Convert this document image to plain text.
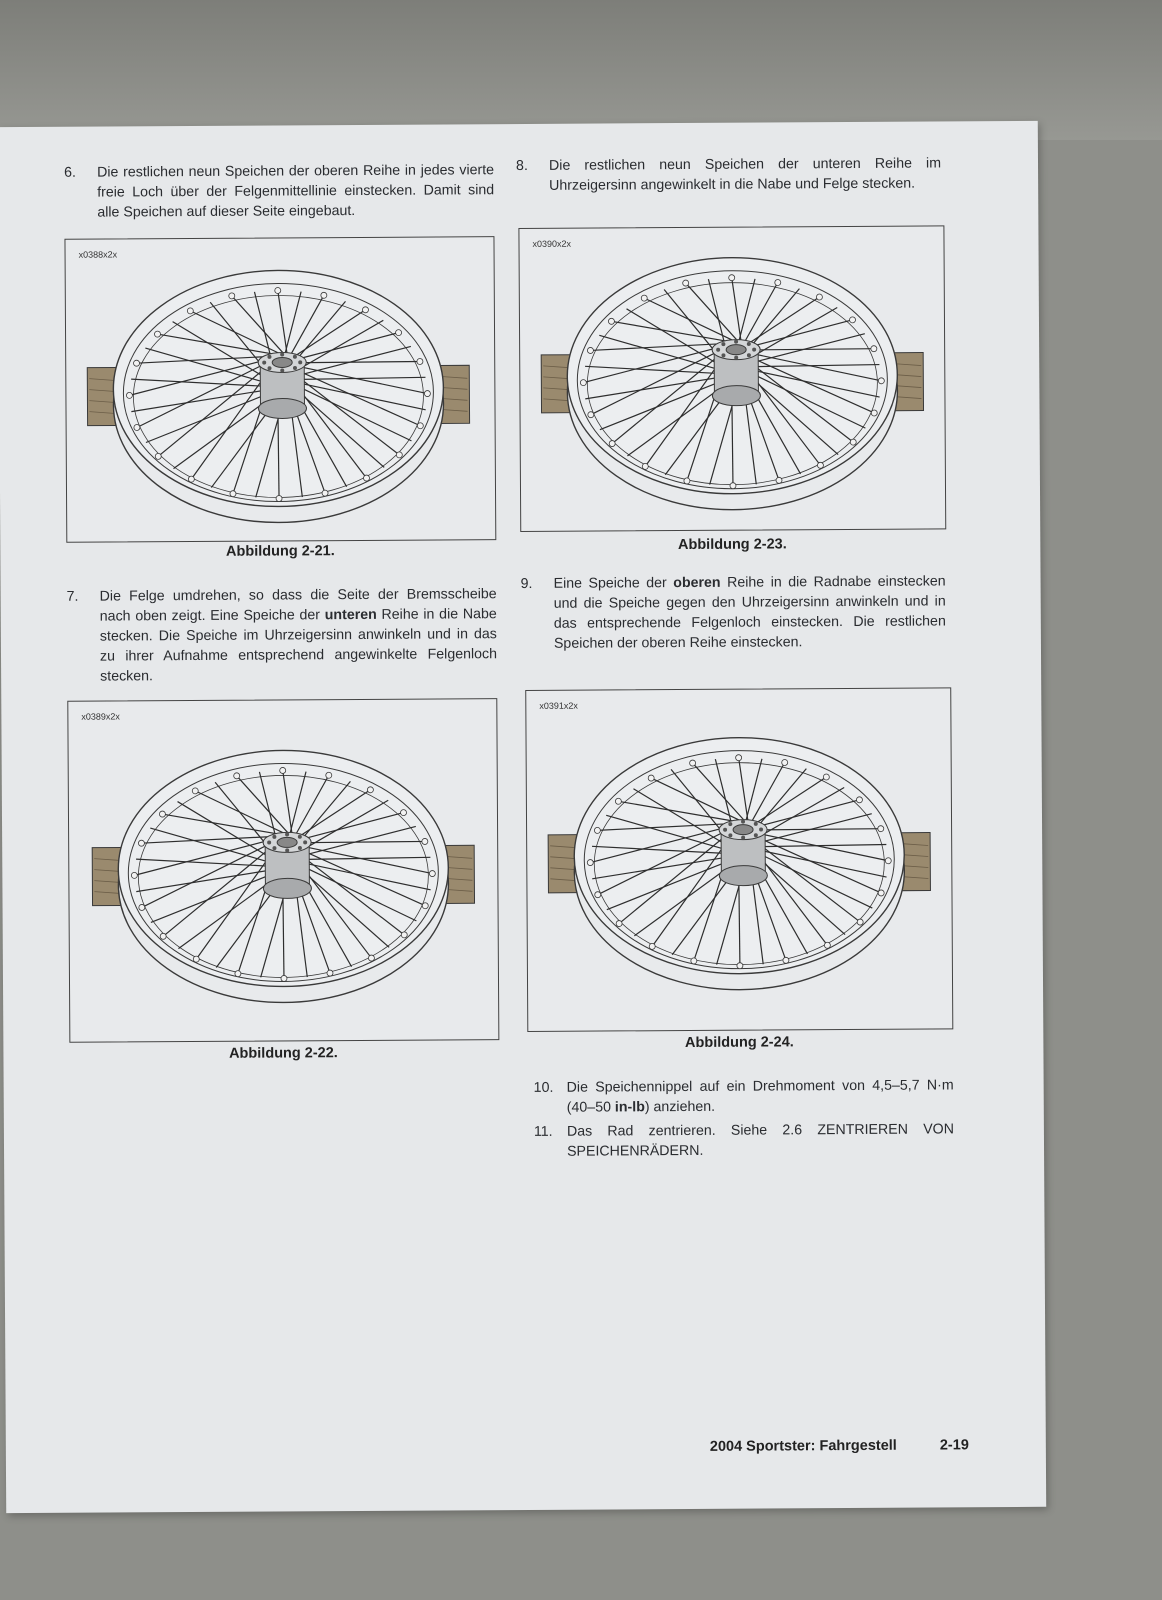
6. Die restlichen neun Speichen der oberen Reihe in jedes vierte freie Loch über der Felgenmittellinie einstecken. Damit sind alle Speichen auf dieser Seite eingebaut.
8. Die restlichen neun Speichen der unteren Reihe im Uhrzeigersinn angewinkelt in die Nabe und Felge stecken.
x0388x2x
Abbildung 2-21.
x0390x2x
Abbildung 2-23.
7. Die Felge umdrehen, so dass die Seite der Bremsscheibe nach oben zeigt. Eine Speiche der unteren Reihe in die Nabe stecken. Die Speiche im Uhrzeigersinn anwinkeln und in das zu ihrer Aufnahme entsprechend angewinkelte Felgenloch stecken.
9. Eine Speiche der oberen Reihe in die Radnabe einstecken und die Speiche gegen den Uhrzeigersinn anwinkeln und in das entsprechende Felgenloch einstecken. Die restlichen Speichen der oberen Reihe einstecken.
x0389x2x
Abbildung 2-22.
x0391x2x
Abbildung 2-24.
10. Die Speichennippel auf ein Drehmoment von 4,5–5,7 N·m (40–50 in-lb) anziehen.
11. Das Rad zentrieren. Siehe 2.6 ZENTRIEREN VON SPEICHENRÄDERN.
2004 Sportster: Fahrgestell	2-19
